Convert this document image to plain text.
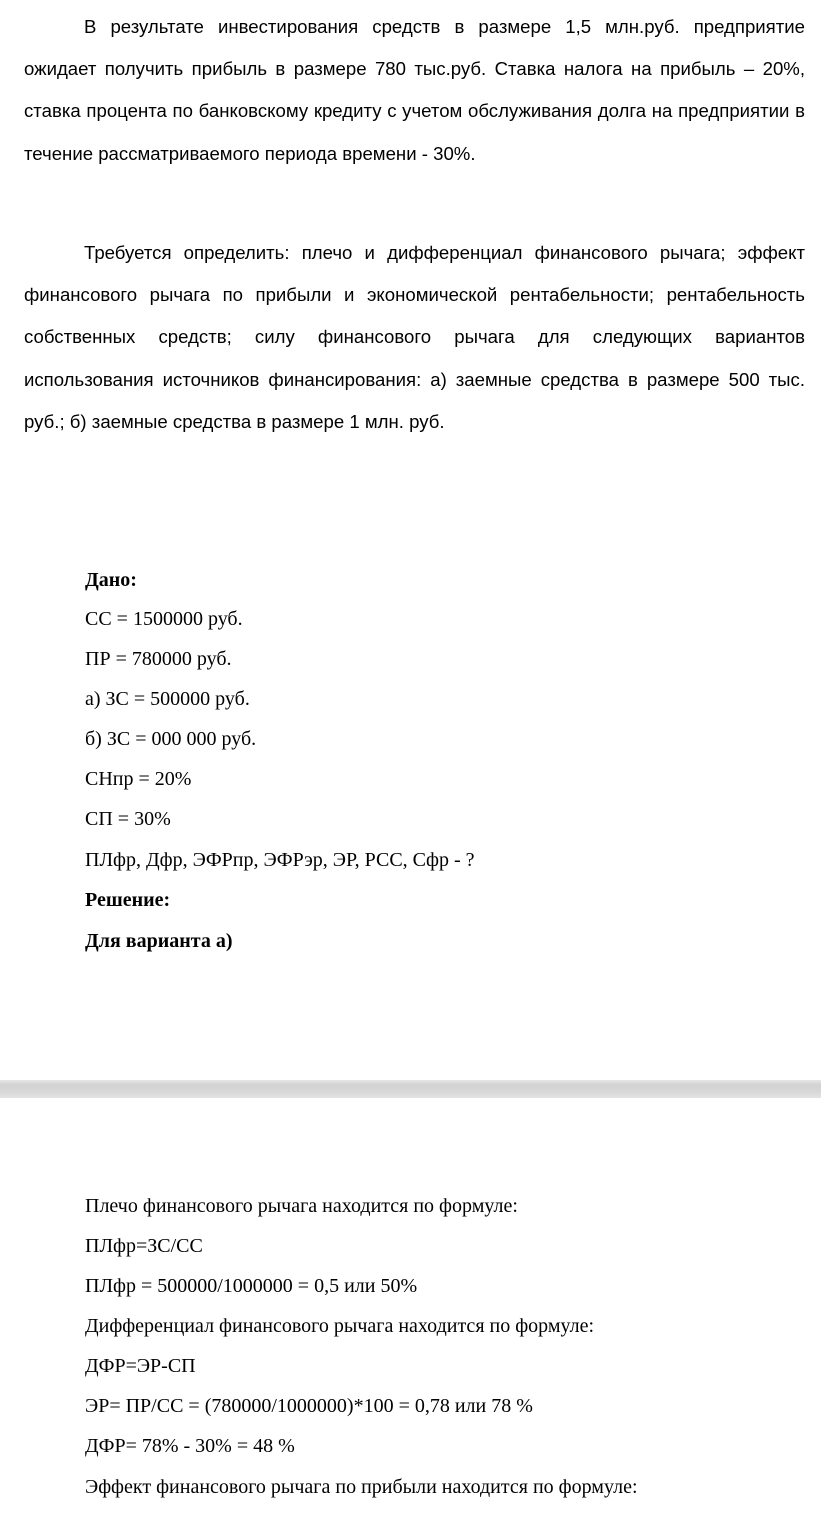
В результате инвестирования средств в размере 1,5 млн.руб. предприятие ожидает получить прибыль в размере 780 тыс.руб. Ставка налога на прибыль – 20%, ставка процента по банковскому кредиту с учетом обслуживания долга на предприятии в течение рассматриваемого периода времени - 30%.

Требуется определить: плечо и дифференциал финансового рычага; эффект финансового рычага по прибыли и экономической рентабельности; рентабельность собственных средств; силу финансового рычага для следующих вариантов использования источников финансирования: а) заемные средства в размере 500 тыс. руб.; б) заемные средства в размере 1 млн. руб.

Дано:
СС = 1500000 руб.
ПР = 780000 руб.
а) ЗС = 500000 руб.
б) ЗС = 000 000 руб.
СНпр = 20%
СП = 30%
ПЛфр, Дфр, ЭФРпр, ЭФРэр, ЭР, РСС, Сфр - ?
Решение:
Для варианта а)
Плечо финансового рычага находится по формуле:
ПЛфр=ЗС/СС
ПЛфр = 500000/1000000 = 0,5 или 50%
Дифференциал финансового рычага находится по формуле:
ДФР=ЭР-СП
ЭР= ПР/СС = (780000/1000000)*100 = 0,78 или 78 %
ДФР= 78% - 30% = 48 %
Эффект финансового рычага по прибыли находится по формуле:
